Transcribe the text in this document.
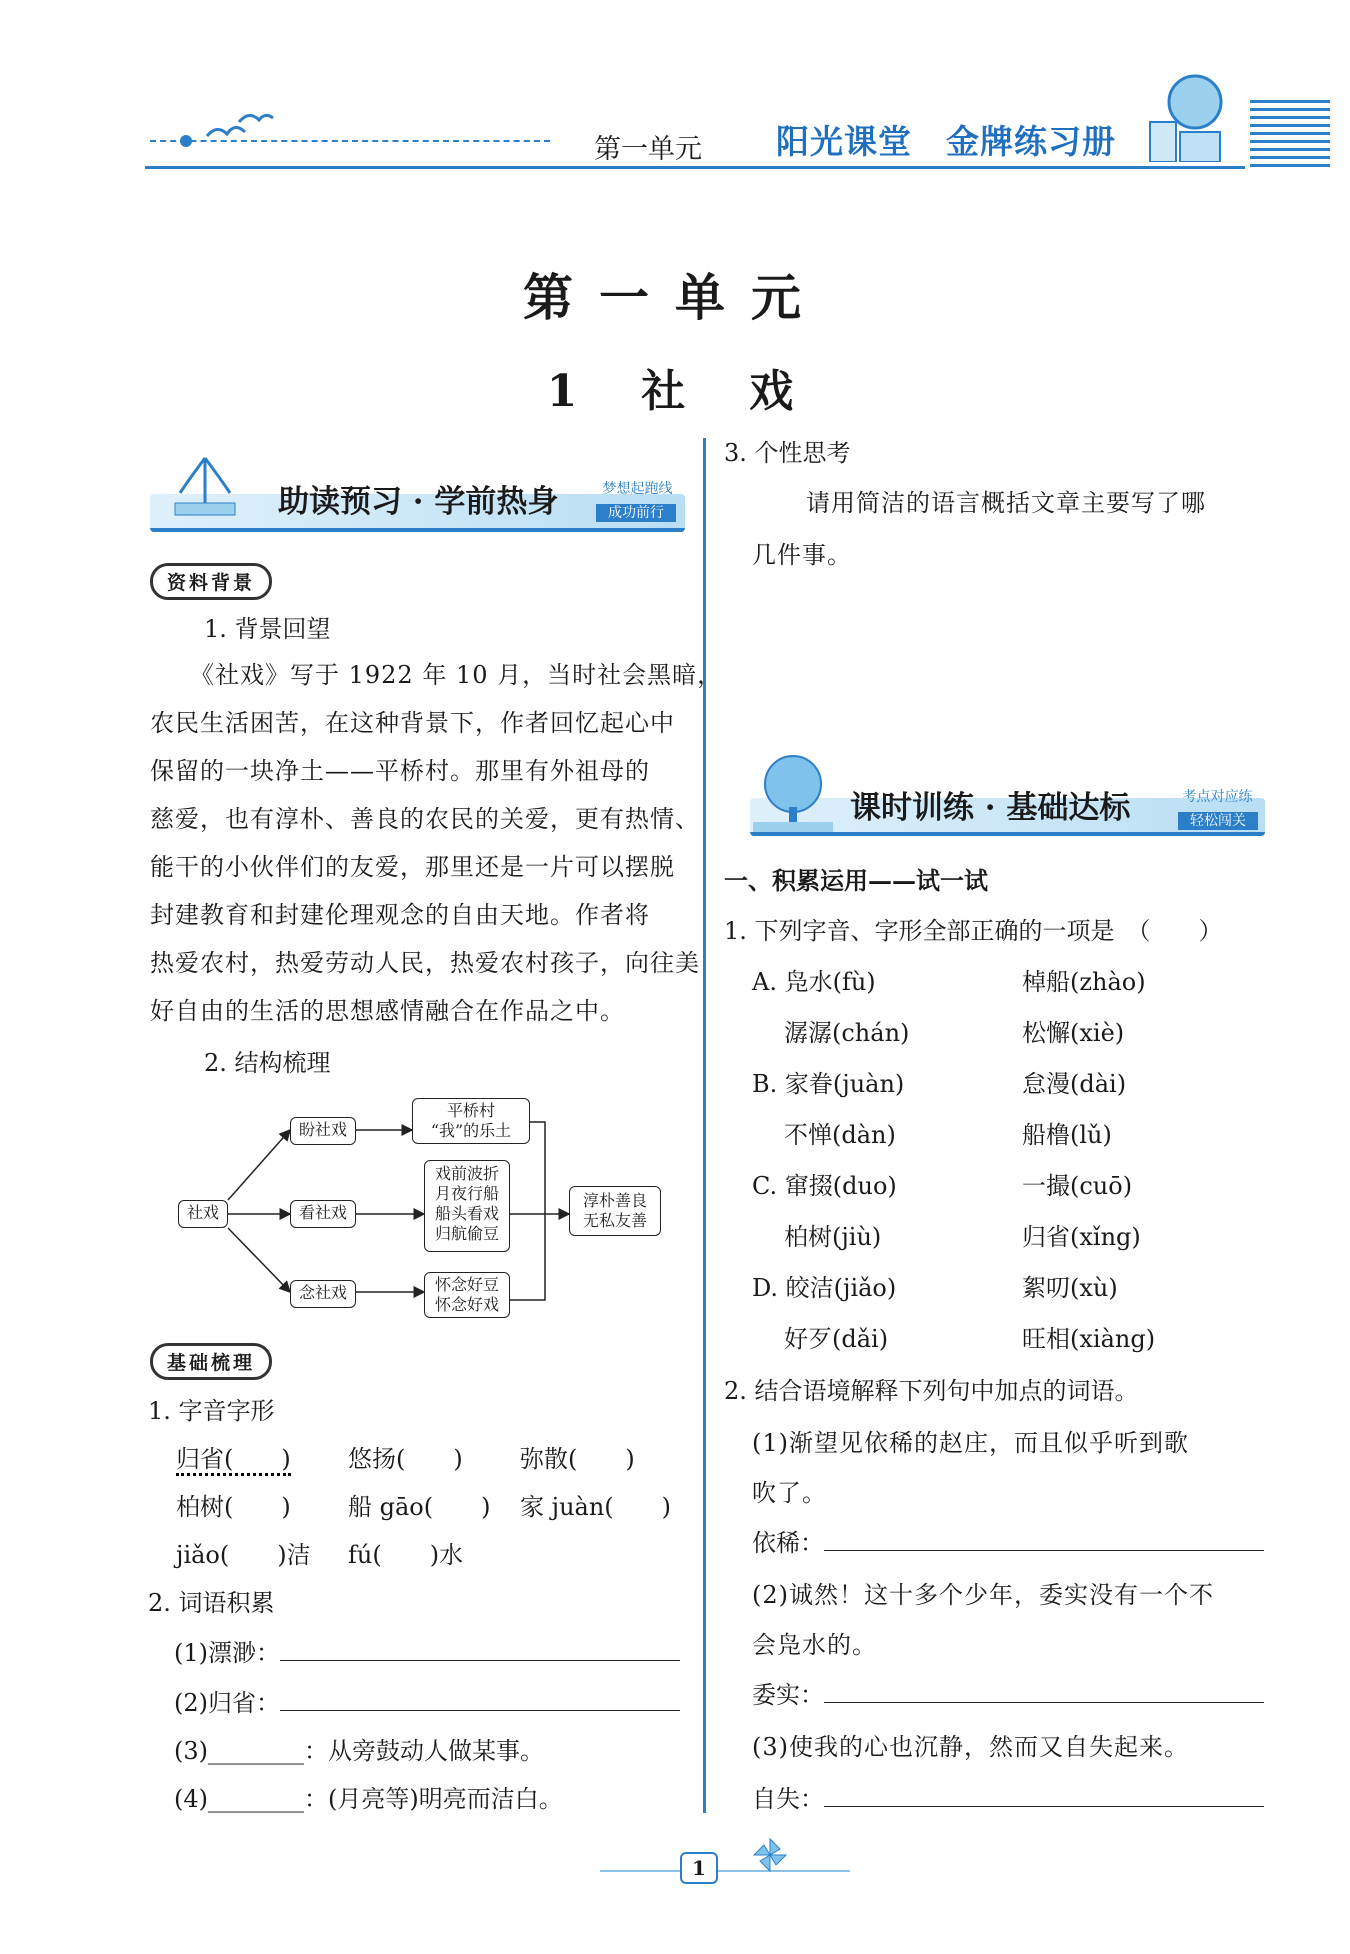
第一单元 阳光课堂　金牌练习册
第一单元
1　社　戏
助读预习 · 学前热身	梦想起跑线
成功前行
资料背景
1. 背景回望
《社戏》写于 1922 年 10 月，当时社会黑暗，
农民生活困苦，在这种背景下，作者回忆起心中
保留的一块净土——平桥村。那里有外祖母的
慈爱，也有淳朴、善良的农民的关爱，更有热情、
能干的小伙伴们的友爱，那里还是一片可以摆脱
封建教育和封建伦理观念的自由天地。作者将
热爱农村，热爱劳动人民，热爱农村孩子，向往美
好自由的生活的思想感情融合在作品之中。
2. 结构梳理
社戏
盼社戏
看社戏
念社戏
平桥村
“我”的乐土
戏前波折
月夜行船
船头看戏
归航偷豆
怀念好豆
怀念好戏
淳朴善良
无私友善
基础梳理
1. 字音字形
归省(　　) 悠扬(　　) 弥散(　　)
柏树(　　) 船 gāo(　　) 家 juàn(　　)
jiǎo(　　)洁 fú(　　)水
2. 词语积累
(1)漂渺：
(2)归省：
(3)________：从旁鼓动人做某事。
(4)________：(月亮等)明亮而洁白。
3. 个性思考
请用简洁的语言概括文章主要写了哪
几件事。
课时训练 · 基础达标	考点对应练
轻松闯关
一、积累运用——试一试
1. 下列字音、字形全部正确的一项是　（　　）
A. 凫水(fù)	棹船(zhào)
潺潺(chán)	松懈(xiè)
B. 家眷(juàn)	怠漫(dài)
不惮(dàn)	船橹(lǔ)
C. 窜掇(duo)	一撮(cuō)
柏树(jiù)	归省(xǐng)
D. 皎洁(jiǎo)	絮叨(xù)
好歹(dǎi)	旺相(xiàng)
2. 结合语境解释下列句中加点的词语。
(1)渐望见依稀的赵庄，而且似乎听到歌
吹了。
依稀：
(2)诚然！这十多个少年，委实没有一个不
会凫水的。
委实：
(3)使我的心也沉静，然而又自失起来。
自失：
1
